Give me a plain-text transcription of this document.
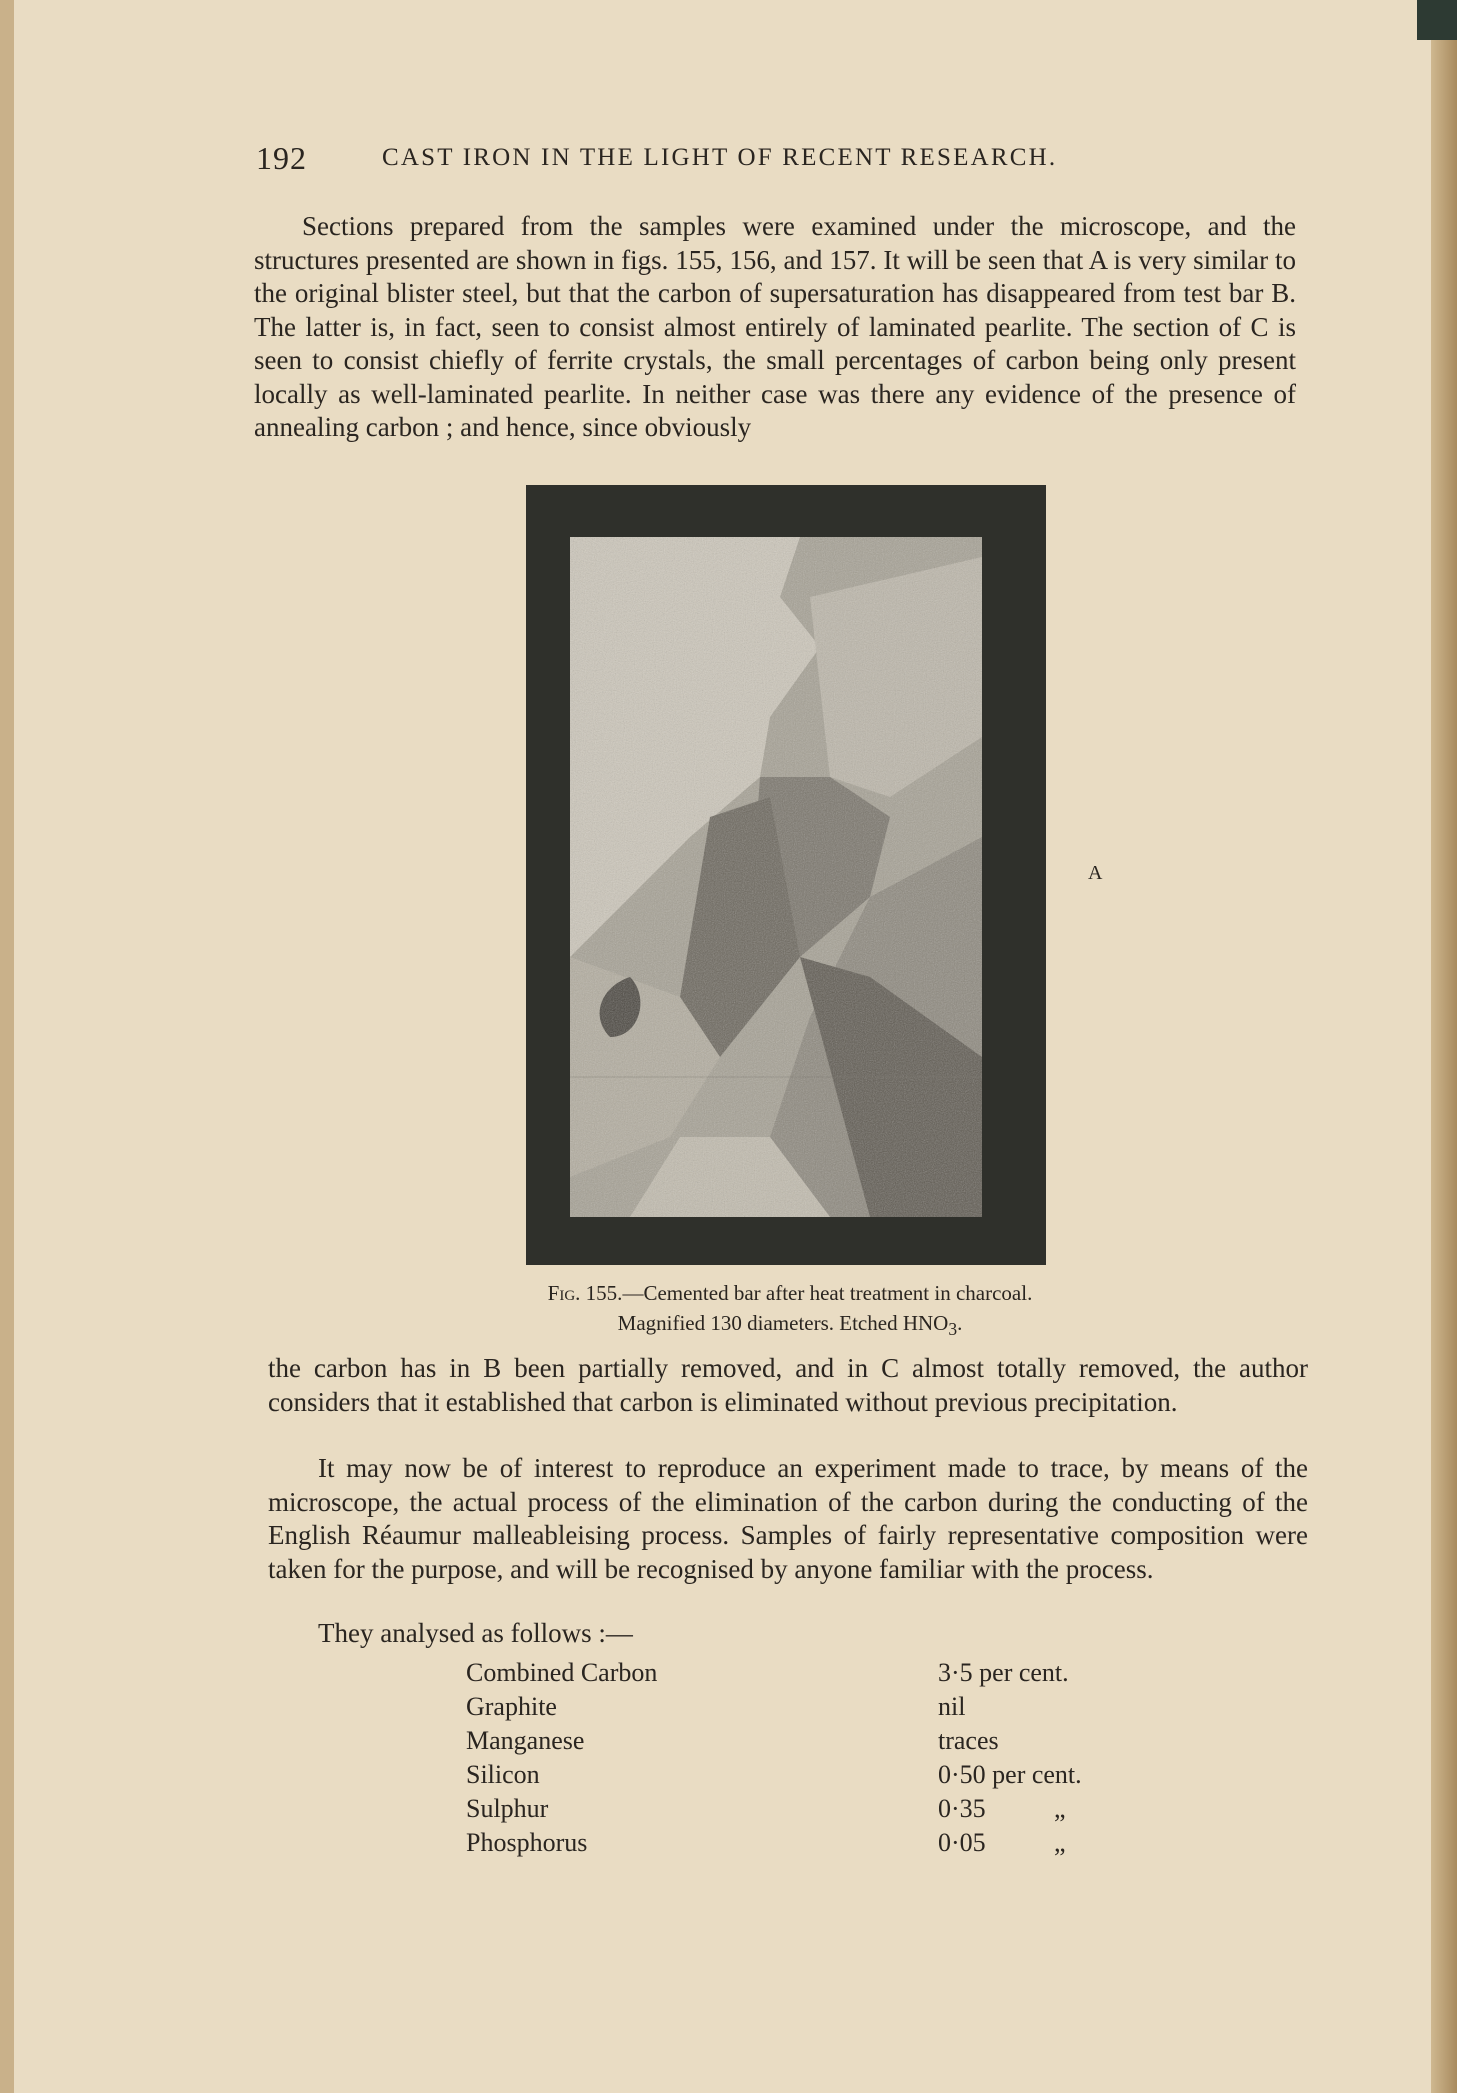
192	CAST IRON IN THE LIGHT OF RECENT RESEARCH.

Sections prepared from the samples were examined under the microscope, and the structures presented are shown in figs. 155, 156, and 157. It will be seen that A is very similar to the original blister steel, but that the carbon of supersaturation has disappeared from test bar B. The latter is, in fact, seen to consist almost entirely of laminated pearlite. The section of C is seen to consist chiefly of ferrite crystals, the small percentages of carbon being only present locally as well-laminated pearlite. In neither case was there any evidence of the presence of annealing carbon ; and hence, since obviously

A
Fig. 155.—Cemented bar after heat treatment in charcoal.
Magnified 130 diameters. Etched $HNO_3$.

the carbon has in B been partially removed, and in C almost totally removed, the author considers that it established that carbon is eliminated without previous precipitation.

It may now be of interest to reproduce an experiment made to trace, by means of the microscope, the actual process of the elimination of the carbon during the conducting of the English Réaumur malleableising process. Samples of fairly representative composition were taken for the purpose, and will be recognised by anyone familiar with the process.

They analysed as follows :—

Combined Carbon	3·5 per cent.
Graphite	nil
Manganese	traces
Silicon	0·50 per cent.
Sulphur	0·35	„
Phosphorus	0·05	„
